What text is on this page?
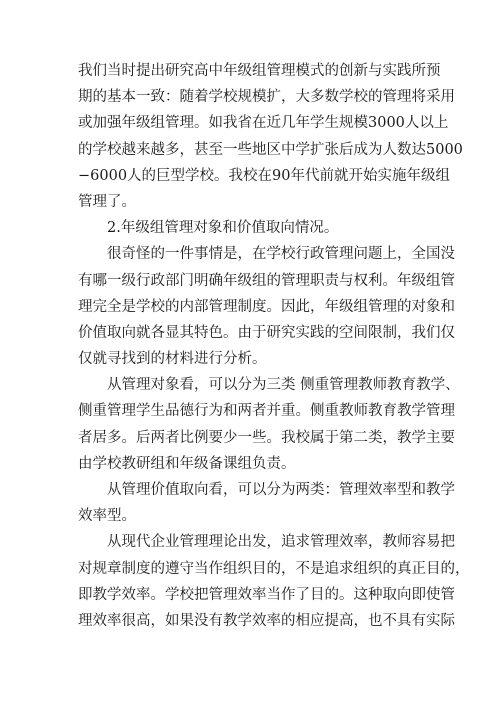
我们当时提出研究高中年级组管理模式的创新与实践所预
期的基本一致：随着学校规模扩，大多数学校的管理将采用
或加强年级组管理。如我省在近几年学生规模3000人以上
的学校越来越多，甚至一些地区中学扩张后成为人数达5000
−6000人的巨型学校。我校在90年代前就开始实施年级组
管理了。
2.年级组管理对象和价值取向情况。
很奇怪的一件事情是，在学校行政管理问题上，全国没
有哪一级行政部门明确年级组的管理职责与权利。年级组管
理完全是学校的内部管理制度。因此，年级组管理的对象和
价值取向就各显其特色。由于研究实践的空间限制，我们仅
仅就寻找到的材料进行分析。
从管理对象看，可以分为三类 侧重管理教师教育教学、
侧重管理学生品德行为和两者并重。侧重教师教育教学管理
者居多。后两者比例要少一些。我校属于第二类，教学主要
由学校教研组和年级备课组负责。
从管理价值取向看，可以分为两类：管理效率型和教学
效率型。
从现代企业管理理论出发，追求管理效率，教师容易把
对规章制度的遵守当作组织目的，不是追求组织的真正目的，
即教学效率。学校把管理效率当作了目的。这种取向即使管
理效率很高，如果没有教学效率的相应提高，也不具有实际
